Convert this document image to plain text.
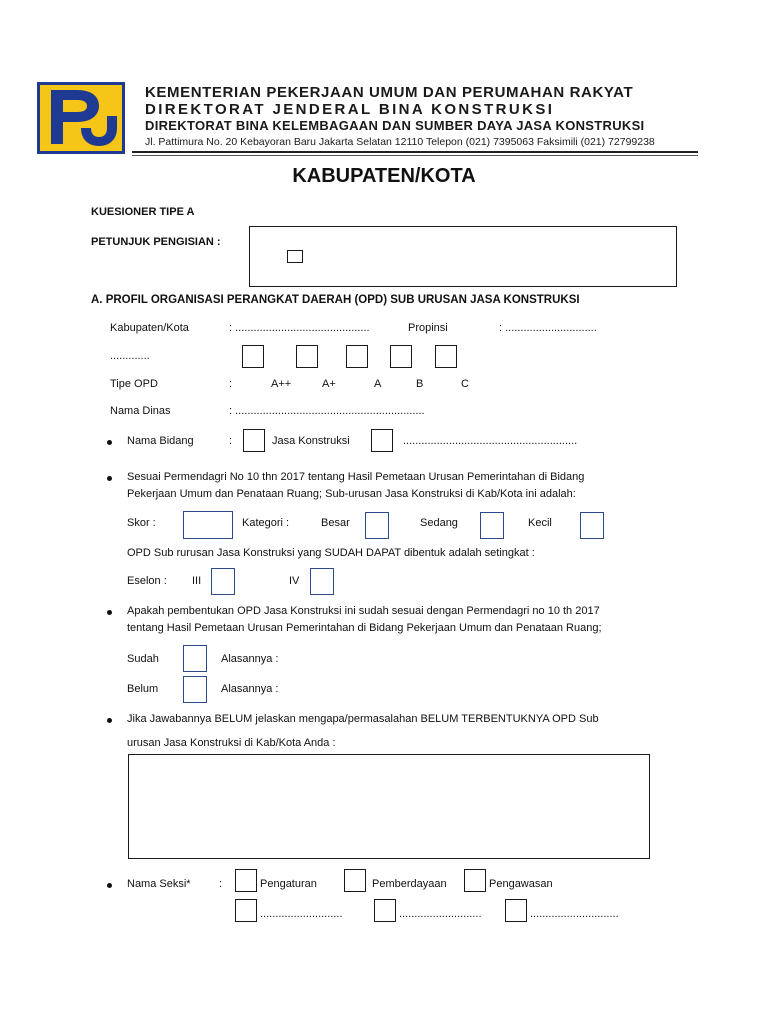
KEMENTERIAN PEKERJAAN UMUM DAN PERUMAHAN RAKYAT
DIREKTORAT JENDERAL BINA KONSTRUKSI
DIREKTORAT BINA KELEMBAGAAN DAN SUMBER DAYA JASA KONSTRUKSI
Jl. Pattimura No. 20 Kebayoran Baru Jakarta Selatan 12110 Telepon (021) 7395063 Faksimili (021) 72799238
KABUPATEN/KOTA
KUESIONER TIPE A
PETUNJUK PENGISIAN :
A. PROFIL ORGANISASI PERANGKAT DAERAH (OPD) SUB URUSAN JASA KONSTRUKSI
Kabupaten/Kota	: ............................................	Propinsi	: ..............................
.............
Tipe OPD	:	A++	A+	A	B	C
Nama Dinas	: ..............................................................
Nama Bidang	:	Jasa Konstruksi	.........................................................
Sesuai Permendagri No 10 thn 2017 tentang Hasil Pemetaan Urusan Pemerintahan di Bidang
Pekerjaan Umum dan Penataan Ruang; Sub-urusan Jasa Konstruksi di Kab/Kota ini adalah:
Skor :	Kategori :	Besar	Sedang	Kecil
OPD Sub rurusan Jasa Konstruksi yang SUDAH DAPAT dibentuk adalah setingkat :
Eselon : III	IV
Apakah pembentukan OPD Jasa Konstruksi ini sudah sesuai dengan Permendagri no 10 th 2017
tentang Hasil Pemetaan Urusan Pemerintahan di Bidang Pekerjaan Umum dan Penataan Ruang;
Sudah	Alasannya :
Belum	Alasannya :
Jika Jawabannya BELUM jelaskan mengapa/permasalahan BELUM TERBENTUKNYA OPD Sub
urusan Jasa Konstruksi di Kab/Kota Anda :
Nama Seksi*	:	Pengaturan	Pemberdayaan	Pengawasan
...........................	...........................	.............................
